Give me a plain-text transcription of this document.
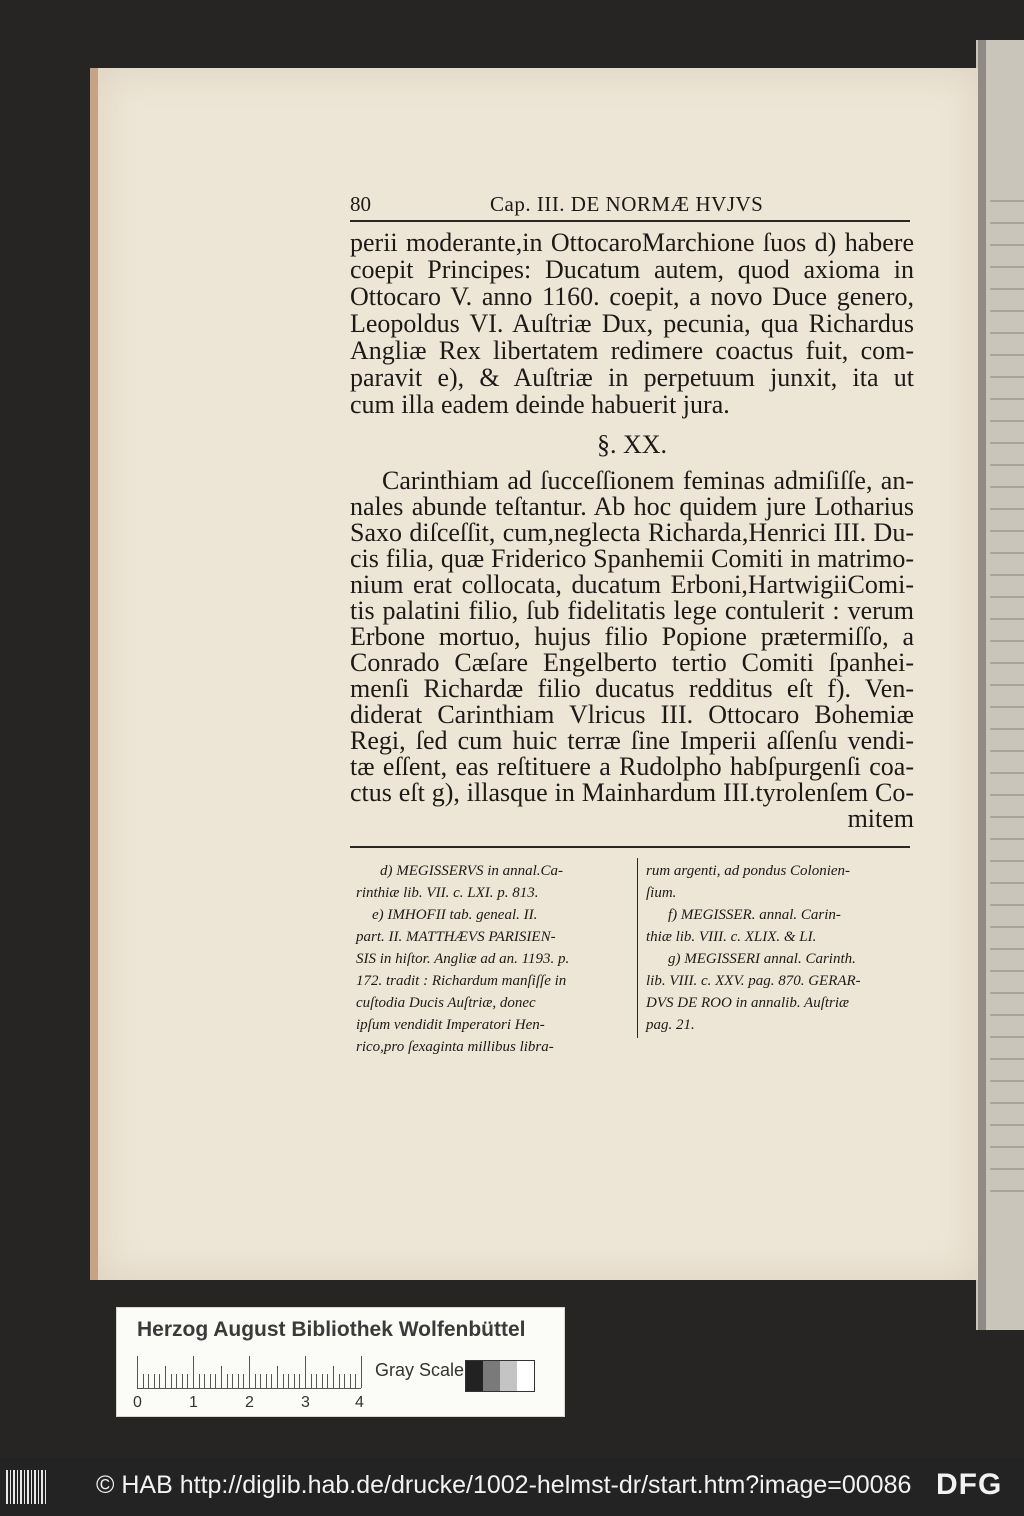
80	Cap. III. DE NORMÆ HVJVS
perii moderante,in OttocaroMarchione ſuos d) habere
coepit Principes: Ducatum autem, quod axioma in
Ottocaro V. anno 1160. coepit, a novo Duce genero,
Leopoldus VI. Auſtriæ Dux, pecunia, qua Richardus
Angliæ Rex libertatem redimere coactus fuit, com-
paravit e), & Auſtriæ in perpetuum junxit, ita ut
cum illa eadem deinde habuerit jura.
§. XX.
Carinthiam ad ſucceſſionem feminas admiſiſſe, an-
nales abunde teſtantur. Ab hoc quidem jure Lotharius
Saxo diſceſſit, cum,neglecta Richarda,Henrici III. Du-
cis filia, quæ Friderico Spanhemii Comiti in matrimo-
nium erat collocata, ducatum Erboni,HartwigiiComi-
tis palatini filio, ſub fidelitatis lege contulerit : verum
Erbone mortuo, hujus filio Popione prætermiſſo, a
Conrado Cæſare Engelberto tertio Comiti ſpanhei-
menſi Richardæ filio ducatus redditus eſt f). Ven-
diderat Carinthiam Vlricus III. Ottocaro Bohemiæ
Regi, ſed cum huic terræ ſine Imperii aſſenſu vendi-
tæ eſſent, eas reſtituere a Rudolpho habſpurgenſi coa-
ctus eſt g), illasque in Mainhardum III.tyrolenſem Co-
mitem
d) MEGISSERVS in annal.Ca-
rinthiæ lib. VII. c. LXI. p. 813.
e) IMHOFII tab. geneal. II.
part. II. MATTHÆVS PARISIEN-
SIS in hiſtor. Angliæ ad an. 1193. p.
172. tradit : Richardum manſiſſe in
cuſtodia Ducis Auſtriæ, donec
ipſum vendidit Imperatori Hen-
rico,pro ſexaginta millibus libra-
rum argenti, ad pondus Colonien-
ſium.
f) MEGISSER. annal. Carin-
thiæ lib. VIII. c. XLIX. & LI.
g) MEGISSERI annal. Carinth.
lib. VIII. c. XXV. pag. 870. GERAR-
DVS DE ROO in annalib. Auſtriæ
pag. 21.
Herzog August Bibliothek Wolfenbüttel
0	1	2	3	4
Gray Scale
© HAB http://diglib.hab.de/drucke/1002-helmst-dr/start.htm?image=00086 DFG
